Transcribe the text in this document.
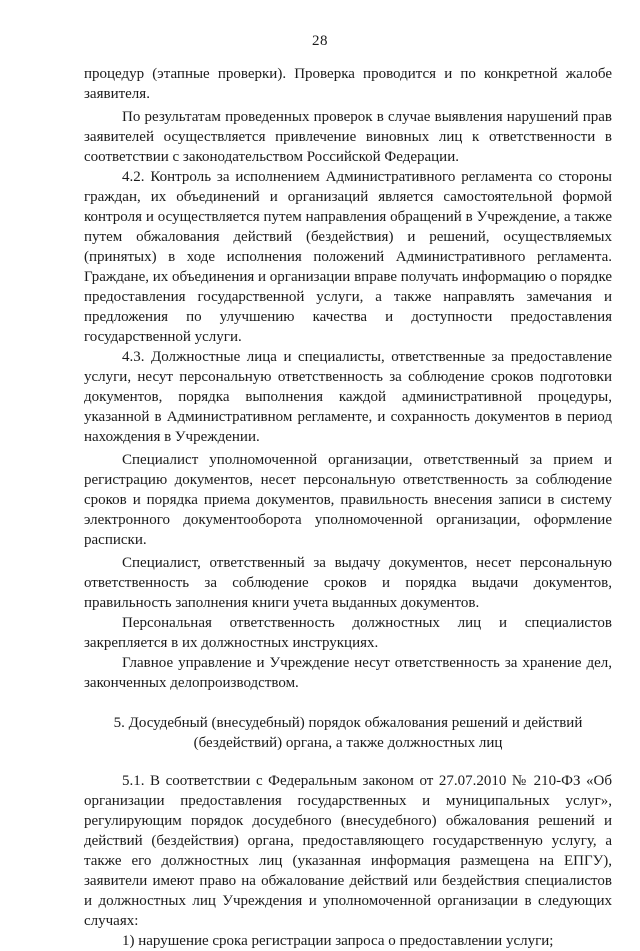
28

процедур (этапные проверки). Проверка проводится и по конкретной жалобе заявителя.

По результатам проведенных проверок в случае выявления нарушений прав заявителей осуществляется привлечение виновных лиц к ответственности в соответствии с законодательством Российской Федерации.

4.2. Контроль за исполнением Административного регламента со стороны граждан, их объединений и организаций является самостоятельной формой контроля и осуществляется путем направления обращений в Учреждение, а также путем обжалования действий (бездействия) и решений, осуществляемых (принятых) в ходе исполнения положений Административного регламента. Граждане, их объединения и организации вправе получать информацию о порядке предоставления государственной услуги, а также направлять замечания и предложения по улучшению качества и доступности предоставления государственной услуги.

4.3. Должностные лица и специалисты, ответственные за предоставление услуги, несут персональную ответственность за соблюдение сроков подготовки документов, порядка выполнения каждой административной процедуры, указанной в Административном регламенте, и сохранность документов в период нахождения в Учреждении.

Специалист уполномоченной организации, ответственный за прием и регистрацию документов, несет персональную ответственность за соблюдение сроков и порядка приема документов, правильность внесения записи в систему электронного документооборота уполномоченной организации, оформление расписки.

Специалист, ответственный за выдачу документов, несет персональную ответственность за соблюдение сроков и порядка выдачи документов, правильность заполнения книги учета выданных документов.

Персональная ответственность должностных лиц и специалистов закрепляется в их должностных инструкциях.

Главное управление и Учреждение несут ответственность за хранение дел, законченных делопроизводством.

5. Досудебный (внесудебный) порядок обжалования решений и действий

(бездействий) органа, а также должностных лиц

5.1. В соответствии с Федеральным законом от 27.07.2010 № 210-ФЗ «Об организации предоставления государственных и муниципальных услуг», регулирующим порядок досудебного (внесудебного) обжалования решений и действий (бездействия) органа, предоставляющего государственную услугу, а также его должностных лиц (указанная информация размещена на ЕПГУ), заявители имеют право на обжалование действий или бездействия специалистов и должностных лиц Учреждения и уполномоченной организации в следующих случаях:

1) нарушение срока регистрации запроса о предоставлении услуги;
